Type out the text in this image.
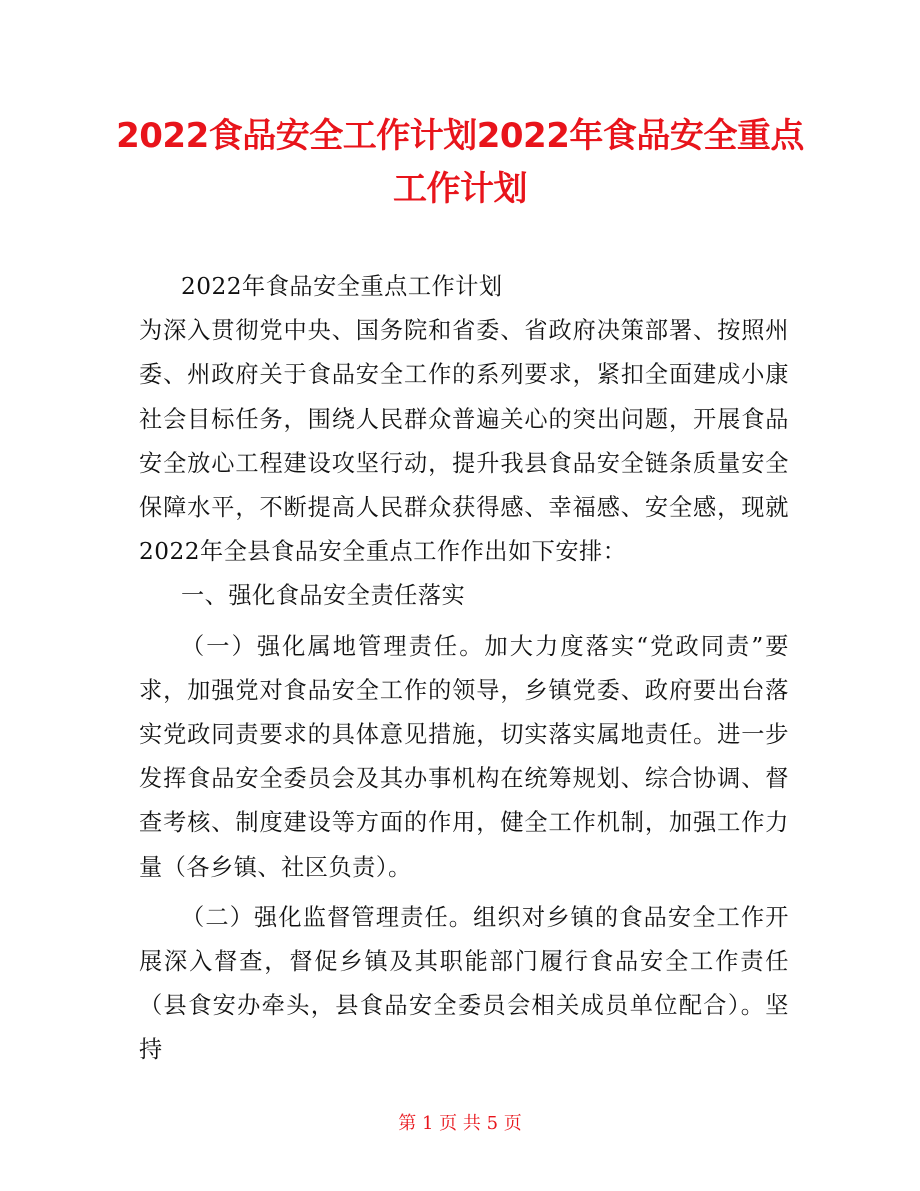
2022食品安全工作计划2022年食品安全重点
工作计划

2022年食品安全重点工作计划

为深入贯彻党中央、国务院和省委、省政府决策部署、按照州委、州政府关于食品安全工作的系列要求，紧扣全面建成小康社会目标任务，围绕人民群众普遍关心的突出问题，开展食品安全放心工程建设攻坚行动，提升我县食品安全链条质量安全保障水平，不断提高人民群众获得感、幸福感、安全感，现就2022年全县食品安全重点工作作出如下安排：

一、强化食品安全责任落实

（一）强化属地管理责任。加大力度落实“党政同责”要求，加强党对食品安全工作的领导，乡镇党委、政府要出台落实党政同责要求的具体意见措施，切实落实属地责任。进一步发挥食品安全委员会及其办事机构在统筹规划、综合协调、督查考核、制度建设等方面的作用，健全工作机制，加强工作力量（各乡镇、社区负责）。

（二）强化监督管理责任。组织对乡镇的食品安全工作开展深入督查，督促乡镇及其职能部门履行食品安全工作责任（县食安办牵头，县食品安全委员会相关成员单位配合）。坚持

第 1 页 共 5 页
